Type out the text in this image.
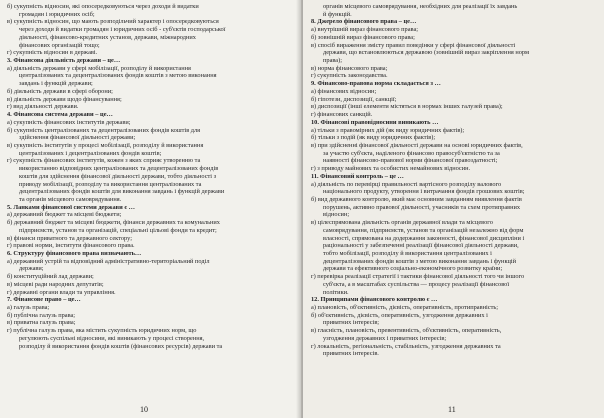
б) сукупність відносин, які опосередковуються через доходи й видатки
громадян і юридичних осіб;
в) сукупність відносин, що мають розподільчий характер і опосередковуються
через доходи й видатки громадян і юридичних осіб - суб'єктів господарської
діяльності, фінансово-кредитних установ, держави, міжнародних
фінансових організацій тощо;
г) сукупність відносин в державі.
3. Фінансова діяльність держави – це…
а) діяльність держави у сфері мобілізації, розподілу й використання
централізованих та децентралізованих фондів коштів з метою виконання
завдань і функцій держави;
б) діяльність держави в сфері оборони;
в) діяльність держави щодо фінансування;
г) вид діяльності держави.
4. Фінансова система держави – це…
а) сукупність фінансових інститутів держави;
б) сукупність централізованих та децентралізованих фондів коштів для
здійснення фінансової діяльності держави;
в) сукупність інститутів у процесі мобілізації, розподілу й використання
централізованих і децентралізованих фондів коштів;
г) сукупність фінансових інститутів, кожен з яких сприяє утворенню та
використанню відповідних централізованих та децентралізованих фондів
коштів для здійснення фінансової діяльності держави, тобто діяльності з
приводу мобілізації, розподілу та використання централізованих та
децентралізованих фондів коштів для виконання завдань і функцій держави
та органів місцевого самоврядування.
5. Ланками фінансової системи держави є …
а) державний бюджет та місцеві бюджети;
б) державний бюджет та місцеві бюджети, фінанси державних та комунальних
підприємств, установ та організацій, спеціальні цільові фонди та кредит;
в) фінанси приватного та державного сектору;
г) правові норми, інститути фінансового права.
6. Структуру фінансового права визначають…
а) державний устрій та відповідний адміністративно-територіальний поділ
держави;
б) конституційний лад держави;
в) місцеві ради народних депутатів;
г) державні органи влади та управління.
7. Фінансове право – це…
а) галузь права;
б) публічна галузь права;
в) приватна галузь права;
г) публічна галузь права, яка містить сукупність юридичних норм, що
регулюють суспільні відносини, які виникають у процесі створення,
розподілу й використання фондів коштів (фінансових ресурсів) держави та
10
органів місцевого самоврядування, необхідних для реалізації їх завдань
й функцій.
8. Джерело фінансового права – це…
а) внутрішній вираз фінансового права;
б) зовнішній вираз фінансового права;
в) спосіб вираження змісту правил поведінки у сфері фінансової діяльності
держави, що встановлюються державою (зовнішній вираз закріплення норм
права);
в) норма фінансового права;
г) сукупність законодавства.
9. Фінансово-правова норма складається з …
а) фінансових відносин;
б) гіпотези, диспозиції, санкції;
в) диспозиції (інші елементи містяться в нормах інших галузей права);
г) фінансових санкцій.
10. Фінансові правовідносини виникають …
а) тільки з правомірних дій (як виду юридичних фактів);
б) тільки з подій (як виду юридичних фактів);
в) при здійсненні фінансової діяльності держави на основі юридичних фактів,
за участю суб'єкта, наділеного фінансово правосуб'єктністю та за
наявності фінансово-правової норми фінансової правоздатності;
г) з приводу майнових та особистих немайнових відносин.
11. Фінансовий контроль – це …
а) діяльність по перевірці правильності вартісного розподілу валового
національного продукту, утворення і витрачання фондів грошових коштів;
б) вид державного контролю, який має основним завданням виявлення фактів
порушень, активно правової діяльності, учасників та схем протиправних
відносин;
в) цілеспрямована діяльність органів державної влади та місцевого
самоврядування, підприємств, установ та організацій незалежно від форм
власності, спрямована на додержання законності, фінансової дисципліни і
раціональності у забезпеченні реалізації фінансової діяльності держави,
тобто мобілізації, розподілу й використання централізованих і
децентралізованих фондів коштів з метою виконання завдань і функцій
держави та ефективного соціально-економічного розвитку країни;
г) перевірка реалізації стратегії і тактики фінансової діяльності того чи іншого
суб'єкта, а в масштабах суспільства — процесу реалізації фінансової
політики.
12. Принципами фінансового контролю є …
а) плановість, об'єктивність, дієвість, оперативність, протиправність;
б) об'єктивність, дієвість, оперативність, узгодження державних і
приватних інтересів;
в) гласність, плановість, превентивність, об'єктивність, оперативність,
узгодження державних і приватних інтересів;
г) локальність, регіональність, стабільність, узгодження державних та
приватних інтересів.
11
